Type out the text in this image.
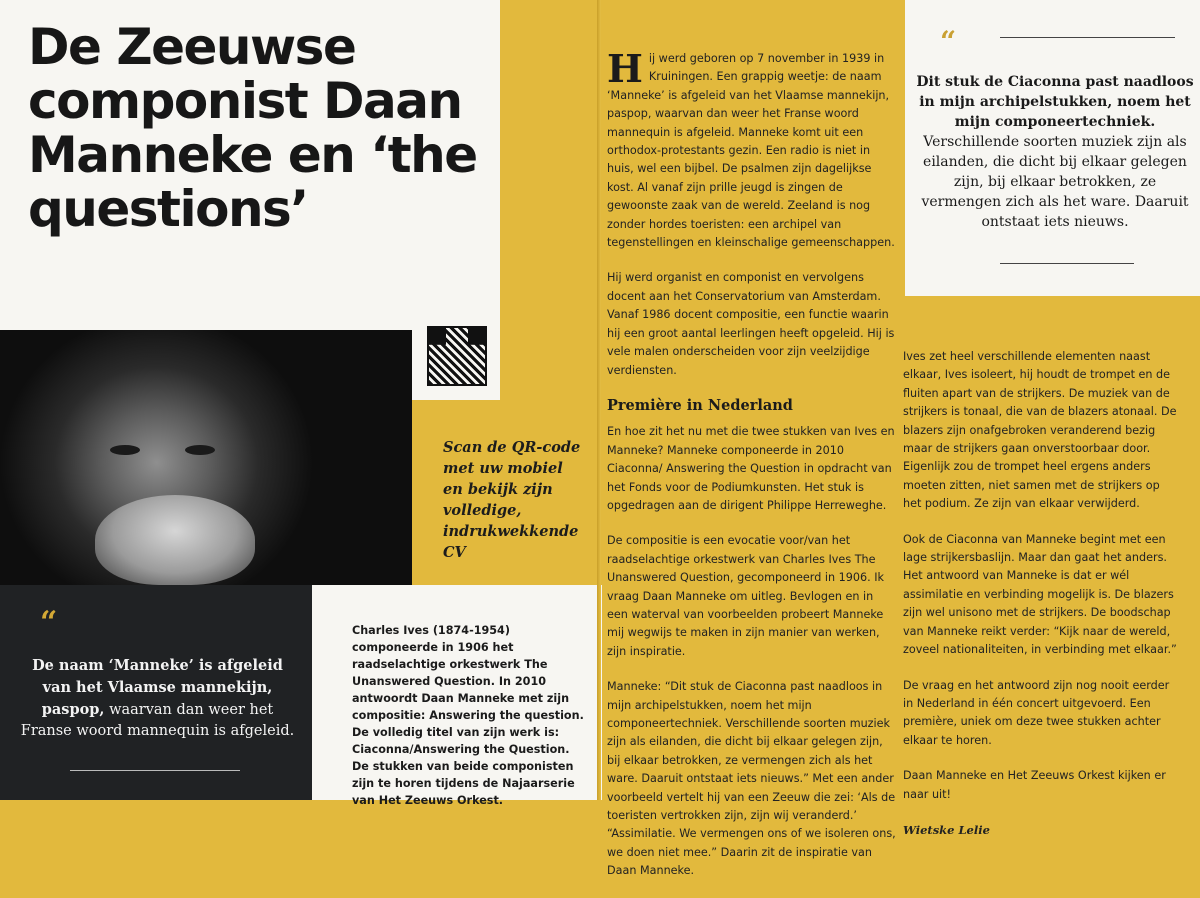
De Zeeuwse componist Daan Manneke en ‘the questions’
Scan de QR-code
met uw mobiel
en bekijk zijn
volledige,
indrukwekkende CV
“
De naam ‘Manneke’ is afgeleid van het Vlaamse mannekijn, paspop, waarvan dan weer het Franse woord mannequin is afgeleid.
Charles Ives (1874-1954) componeerde in 1906 het raadselachtige orkestwerk The Unanswered Question. In 2010 antwoordt Daan Manneke met zijn compositie: Answering the question. De volledig titel van zijn werk is: Ciaconna/Answering the Question. De stukken van beide componisten zijn te horen tijdens de Najaarserie van Het Zeeuws Orkest.

Hij werd geboren op 7 november in 1939 in Kruiningen. Een grappig weetje: de naam ‘Manneke’ is afgeleid van het Vlaamse mannekijn, paspop, waarvan dan weer het Franse woord mannequin is afgeleid. Manneke komt uit een orthodox-protestants gezin. Een radio is niet in huis, wel een bijbel. De psalmen zijn dagelijkse kost. Al vanaf zijn prille jeugd is zingen de gewoonste zaak van de wereld. Zeeland is nog zonder hordes toeristen: een archipel van tegenstellingen en kleinschalige gemeenschappen.

Hij werd organist en componist en vervolgens docent aan het Conservatorium van Amsterdam. Vanaf 1986 docent compositie, een functie waarin hij een groot aantal leerlingen heeft opgeleid. Hij is vele malen onderscheiden voor zijn veelzijdige verdiensten.

Première in Nederland

En hoe zit het nu met die twee stukken van Ives en Manneke? Manneke componeerde in 2010 Ciaconna/ Answering the Question in opdracht van het Fonds voor de Podiumkunsten. Het stuk is opgedragen aan de dirigent Philippe Herreweghe.

De compositie is een evocatie voor/van het raadselachtige orkestwerk van Charles Ives The Unanswered Question, gecomponeerd in 1906. Ik vraag Daan Manneke om uitleg. Bevlogen en in een waterval van voorbeelden probeert Manneke mij wegwijs te maken in zijn manier van werken, zijn inspiratie.

Manneke: “Dit stuk de Ciaconna past naadloos in mijn archipelstukken, noem het mijn componeertechniek. Verschillende soorten muziek zijn als eilanden, die dicht bij elkaar gelegen zijn, bij elkaar betrokken, ze vermengen zich als het ware. Daaruit ontstaat iets nieuws.” Met een ander voorbeeld vertelt hij van een Zeeuw die zei: ‘Als de toeristen vertrokken zijn, zijn wij veranderd.’ “Assimilatie. We vermengen ons of we isoleren ons, we doen niet mee.” Daarin zit de inspiratie van Daan Manneke.

Ives zet heel verschillende elementen naast elkaar, Ives isoleert, hij houdt de trompet en de fluiten apart van de strijkers. De muziek van de strijkers is tonaal, die van de blazers atonaal. De blazers zijn onafgebroken veranderend bezig maar de strijkers gaan onverstoorbaar door. Eigenlijk zou de trompet heel ergens anders moeten zitten, niet samen met de strijkers op het podium. Ze zijn van elkaar verwijderd.

Ook de Ciaconna van Manneke begint met een lage strijkersbaslijn. Maar dan gaat het anders. Het antwoord van Manneke is dat er wél assimilatie en verbinding mogelijk is. De blazers zijn wel unisono met de strijkers. De boodschap van Manneke reikt verder: “Kijk naar de wereld, zoveel nationaliteiten, in verbinding met elkaar.”

De vraag en het antwoord zijn nog nooit eerder in Nederland in één concert uitgevoerd. Een première, uniek om deze twee stukken achter elkaar te horen.

Daan Manneke en Het Zeeuws Orkest kijken er naar uit!

Wietske Lelie

“
Dit stuk de Ciaconna past naadloos in mijn archipelstukken, noem het mijn componeertechniek. Verschillende soorten muziek zijn als eilanden, die dicht bij elkaar gelegen zijn, bij elkaar betrokken, ze vermengen zich als het ware. Daaruit ontstaat iets nieuws.
